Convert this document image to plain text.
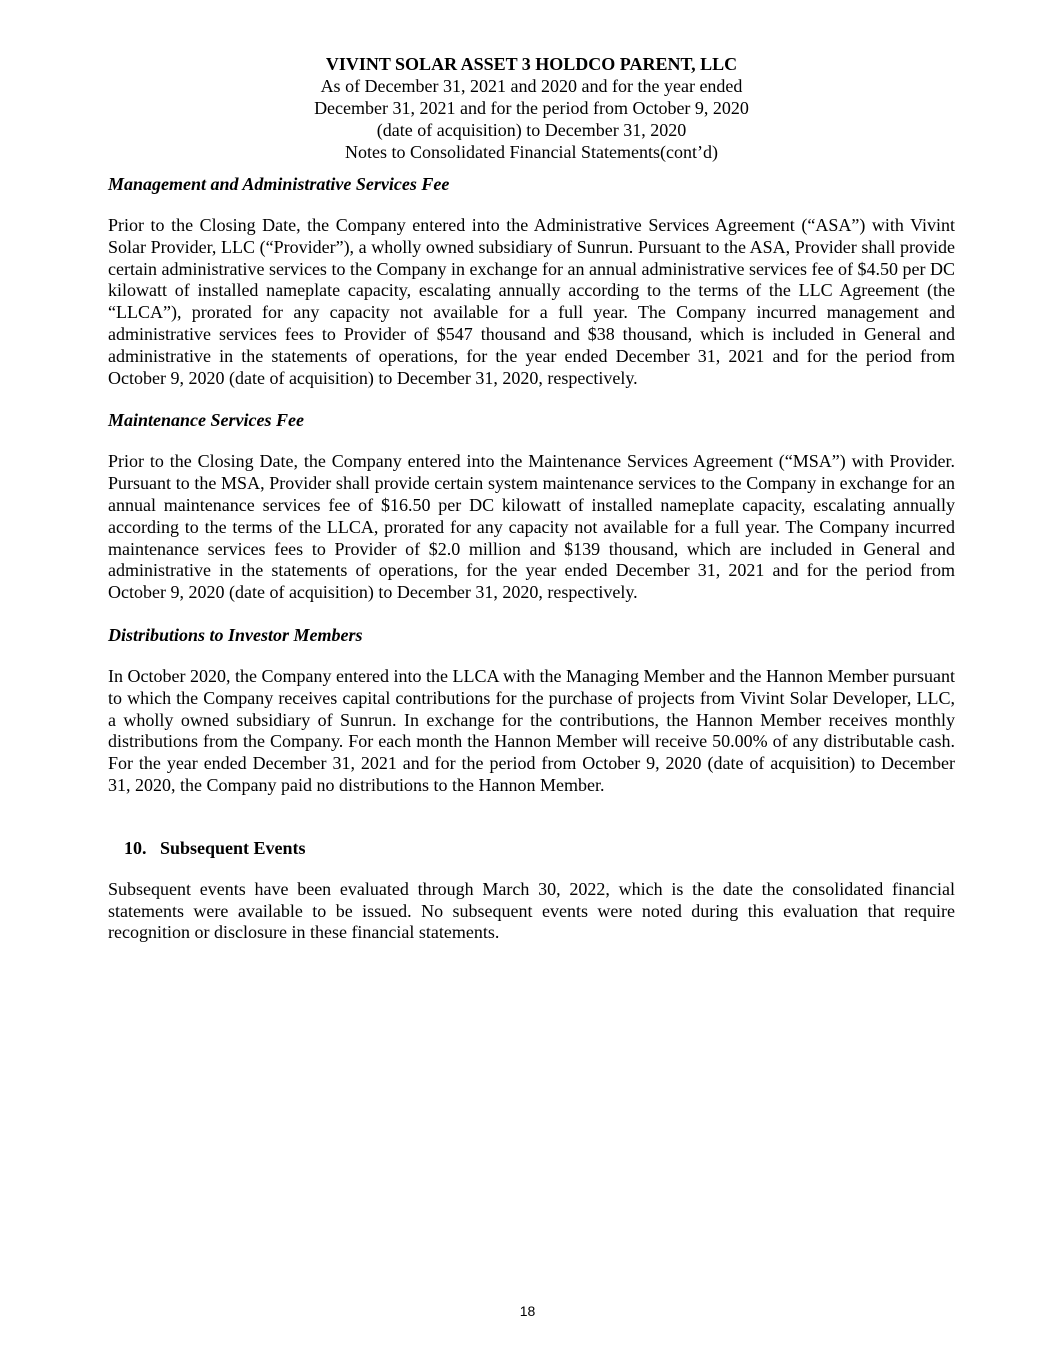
VIVINT SOLAR ASSET 3 HOLDCO PARENT, LLC
As of December 31, 2021 and 2020 and for the year ended
December 31, 2021 and for the period from October 9, 2020
(date of acquisition) to December 31, 2020
Notes to Consolidated Financial Statements(cont’d)

Management and Administrative Services Fee

Prior to the Closing Date, the Company entered into the Administrative Services Agreement (“ASA”) with Vivint Solar Provider, LLC (“Provider”), a wholly owned subsidiary of Sunrun. Pursuant to the ASA, Provider shall provide certain administrative services to the Company in exchange for an annual administrative services fee of $4.50 per DC kilowatt of installed nameplate capacity, escalating annually according to the terms of the LLC Agreement (the “LLCA”), prorated for any capacity not available for a full year. The Company incurred management and administrative services fees to Provider of $547 thousand and $38 thousand, which is included in General and administrative in the statements of operations, for the year ended December 31, 2021 and for the period from October 9, 2020 (date of acquisition) to December 31, 2020, respectively.

Maintenance Services Fee

Prior to the Closing Date, the Company entered into the Maintenance Services Agreement (“MSA”) with Provider. Pursuant to the MSA, Provider shall provide certain system maintenance services to the Company in exchange for an annual maintenance services fee of $16.50 per DC kilowatt of installed nameplate capacity, escalating annually according to the terms of the LLCA, prorated for any capacity not available for a full year. The Company incurred maintenance services fees to Provider of $2.0 million and $139 thousand, which are included in General and administrative in the statements of operations, for the year ended December 31, 2021 and for the period from October 9, 2020 (date of acquisition) to December 31, 2020, respectively.

Distributions to Investor Members

In October 2020, the Company entered into the LLCA with the Managing Member and the Hannon Member pursuant to which the Company receives capital contributions for the purchase of projects from Vivint Solar Developer, LLC, a wholly owned subsidiary of Sunrun. In exchange for the contributions, the Hannon Member receives monthly distributions from the Company. For each month the Hannon Member will receive 50.00% of any distributable cash. For the year ended December 31, 2021 and for the period from October 9, 2020 (date of acquisition) to December 31, 2020, the Company paid no distributions to the Hannon Member.

10. Subsequent Events

Subsequent events have been evaluated through March 30, 2022, which is the date the consolidated financial statements were available to be issued. No subsequent events were noted during this evaluation that require recognition or disclosure in these financial statements.

18
